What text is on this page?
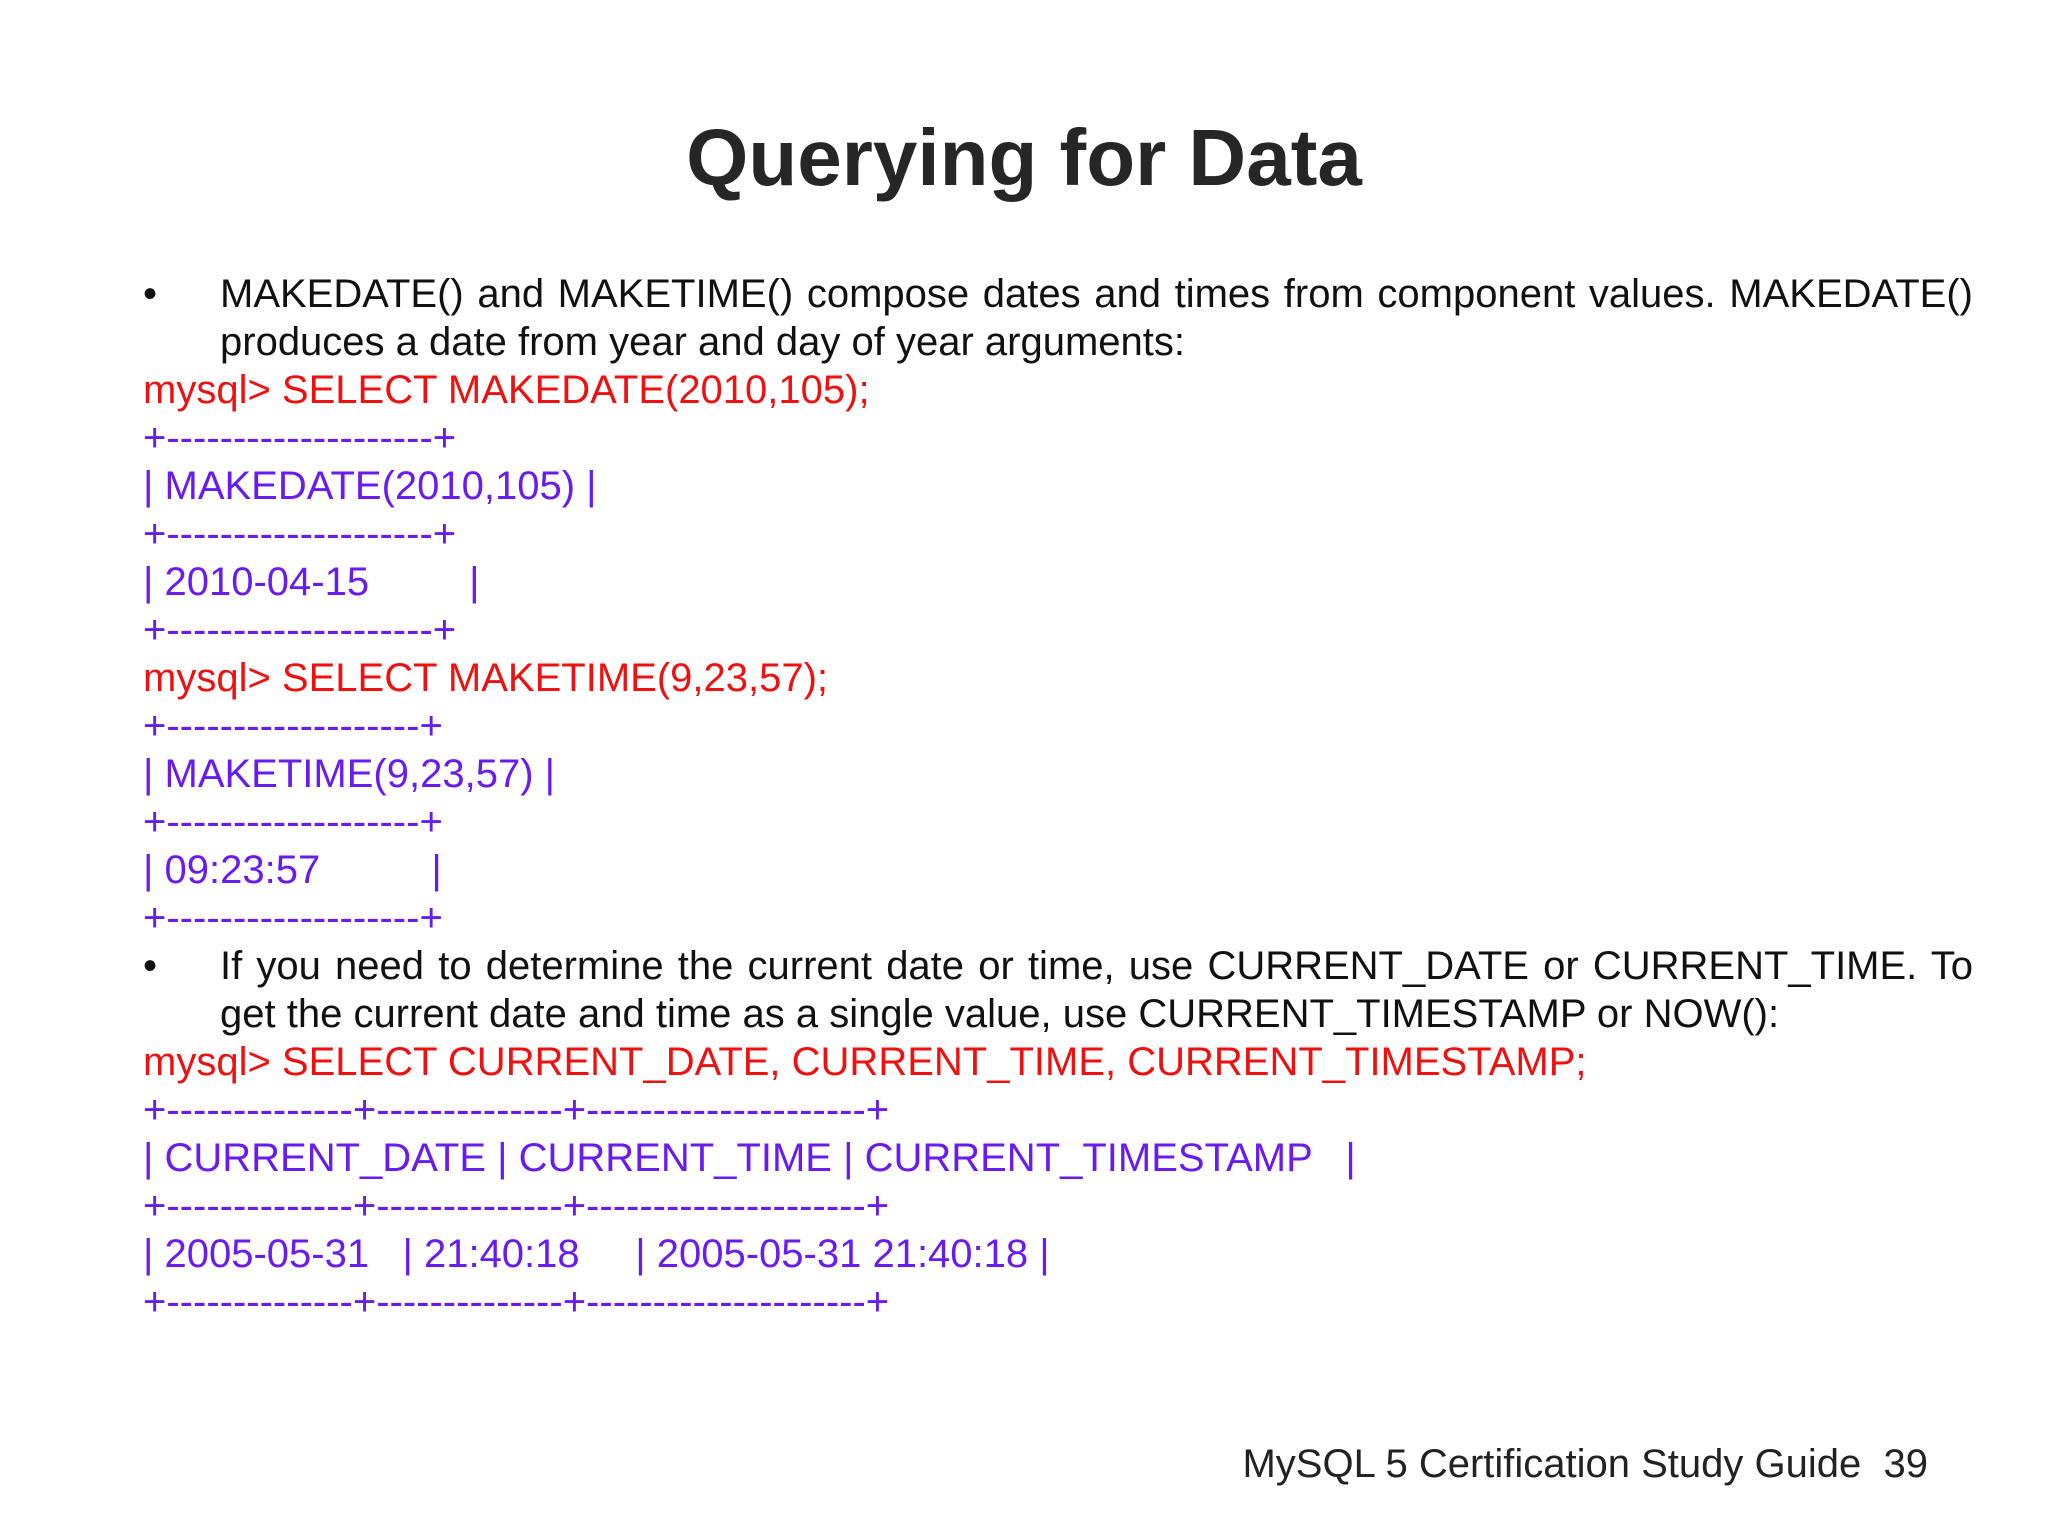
Querying for Data

•	MAKEDATE() and MAKETIME() compose dates and times from component values. MAKEDATE() produces a date from year and day of year arguments:

mysql> SELECT MAKEDATE(2010,105);
+--------------------+
| MAKEDATE(2010,105) |
+--------------------+
| 2010-04-15         |
+--------------------+
mysql> SELECT MAKETIME(9,23,57);
+-------------------+
| MAKETIME(9,23,57) |
+-------------------+
| 09:23:57          |
+-------------------+

•	If you need to determine the current date or time, use CURRENT_DATE or CURRENT_TIME. To get the current date and time as a single value, use CURRENT_TIMESTAMP or NOW():

mysql> SELECT CURRENT_DATE, CURRENT_TIME, CURRENT_TIMESTAMP;
+--------------+--------------+---------------------+
| CURRENT_DATE | CURRENT_TIME | CURRENT_TIMESTAMP   |
+--------------+--------------+---------------------+
| 2005-05-31   | 21:40:18     | 2005-05-31 21:40:18 |
+--------------+--------------+---------------------+
MySQL 5 Certification Study Guide 39
